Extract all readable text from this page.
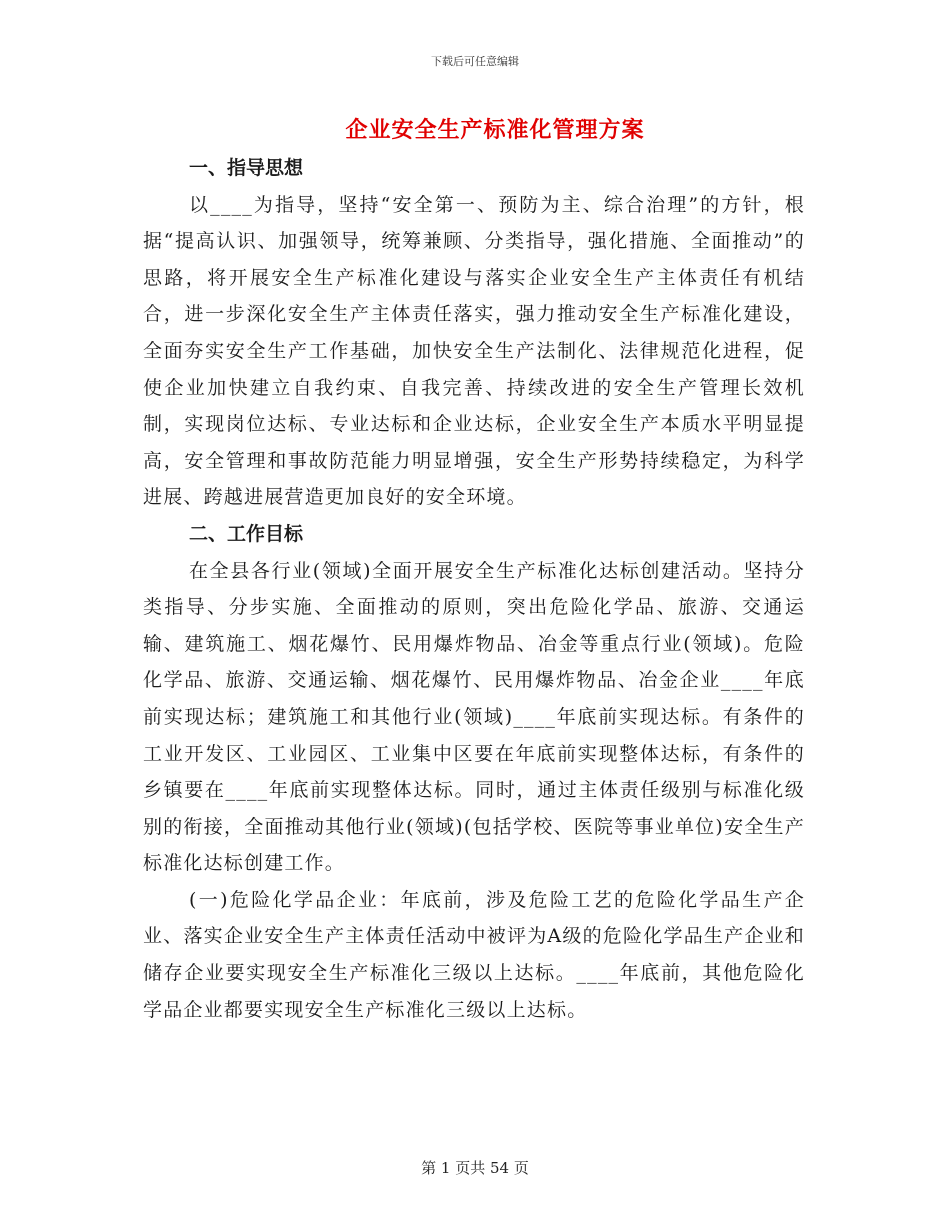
下载后可任意编辑
企业安全生产标准化管理方案

一、指导思想

以____为指导，坚持“安全第一、预防为主、综合治理”的方针，根据“提高认识、加强领导，统筹兼顾、分类指导，强化措施、全面推动”的思路，将开展安全生产标准化建设与落实企业安全生产主体责任有机结合，进一步深化安全生产主体责任落实，强力推动安全生产标准化建设，全面夯实安全生产工作基础，加快安全生产法制化、法律规范化进程，促使企业加快建立自我约束、自我完善、持续改进的安全生产管理长效机制，实现岗位达标、专业达标和企业达标，企业安全生产本质水平明显提高，安全管理和事故防范能力明显增强，安全生产形势持续稳定，为科学进展、跨越进展营造更加良好的安全环境。

二、工作目标

在全县各行业(领域)全面开展安全生产标准化达标创建活动。坚持分类指导、分步实施、全面推动的原则，突出危险化学品、旅游、交通运输、建筑施工、烟花爆竹、民用爆炸物品、冶金等重点行业(领域)。危险化学品、旅游、交通运输、烟花爆竹、民用爆炸物品、冶金企业____年底前实现达标；建筑施工和其他行业(领域)____年底前实现达标。有条件的工业开发区、工业园区、工业集中区要在年底前实现整体达标，有条件的乡镇要在____年底前实现整体达标。同时，通过主体责任级别与标准化级别的衔接，全面推动其他行业(领域)(包括学校、医院等事业单位)安全生产标准化达标创建工作。

(一)危险化学品企业：年底前，涉及危险工艺的危险化学品生产企业、落实企业安全生产主体责任活动中被评为A级的危险化学品生产企业和储存企业要实现安全生产标准化三级以上达标。____年底前，其他危险化学品企业都要实现安全生产标准化三级以上达标。

第 1 页共 54 页
